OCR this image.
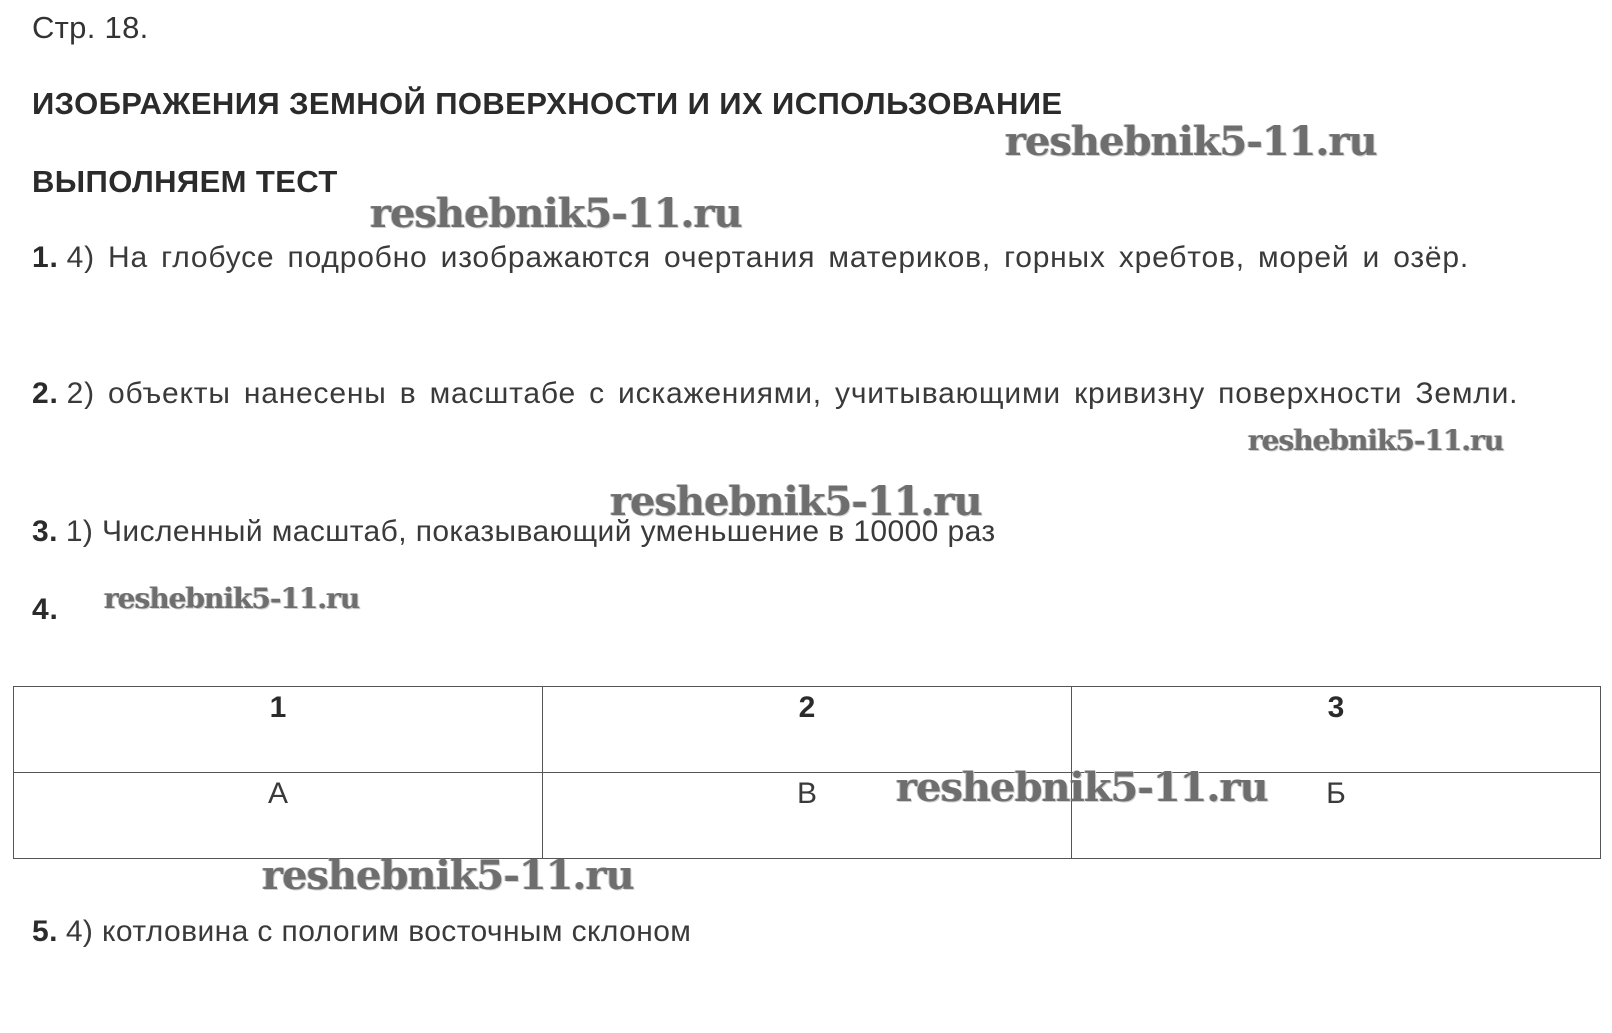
Стр. 18.
ИЗОБРАЖЕНИЯ ЗЕМНОЙ ПОВЕРХНОСТИ И ИХ ИСПОЛЬЗОВАНИЕ
ВЫПОЛНЯЕМ ТЕСТ
1. 4) На глобусе подробно изображаются очертания материков, горных хребтов, морей и озёр.
2. 2) объекты нанесены в масштабе с искажениями, учитывающими кривизну поверхности Земли.
3. 1) Численный масштаб, показывающий уменьшение в 10000 раз
4.
1	2	3
А	В	Б
5. 4) котловина с пологим восточным склоном
reshebnik5-11.ru
reshebnik5-11.ru
reshebnik5-11.ru
reshebnik5-11.ru
reshebnik5-11.ru
reshebnik5-11.ru
reshebnik5-11.ru
